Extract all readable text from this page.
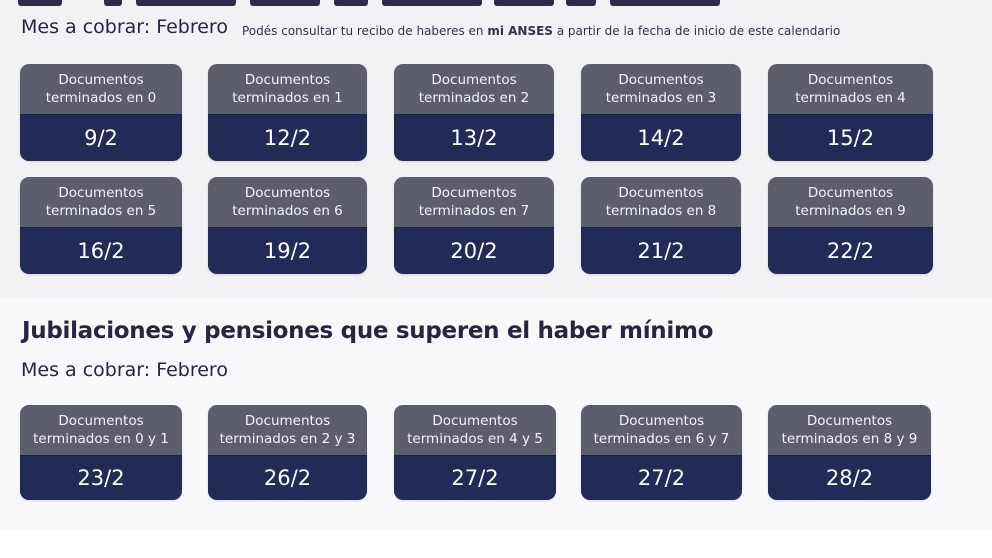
Mes a cobrar: Febrero Podés consultar tu recibo de haberes en mi ANSES a partir de la fecha de inicio de este calendario
Documentos
terminados en 0
9/2
Documentos
terminados en 1
12/2
Documentos
terminados en 2
13/2
Documentos
terminados en 3
14/2
Documentos
terminados en 4
15/2
Documentos
terminados en 5
16/2
Documentos
terminados en 6
19/2
Documentos
terminados en 7
20/2
Documentos
terminados en 8
21/2
Documentos
terminados en 9
22/2
Jubilaciones y pensiones que superen el haber mínimo
Mes a cobrar: Febrero
Documentos
terminados en 0 y 1
23/2
Documentos
terminados en 2 y 3
26/2
Documentos
terminados en 4 y 5
27/2
Documentos
terminados en 6 y 7
27/2
Documentos
terminados en 8 y 9
28/2
